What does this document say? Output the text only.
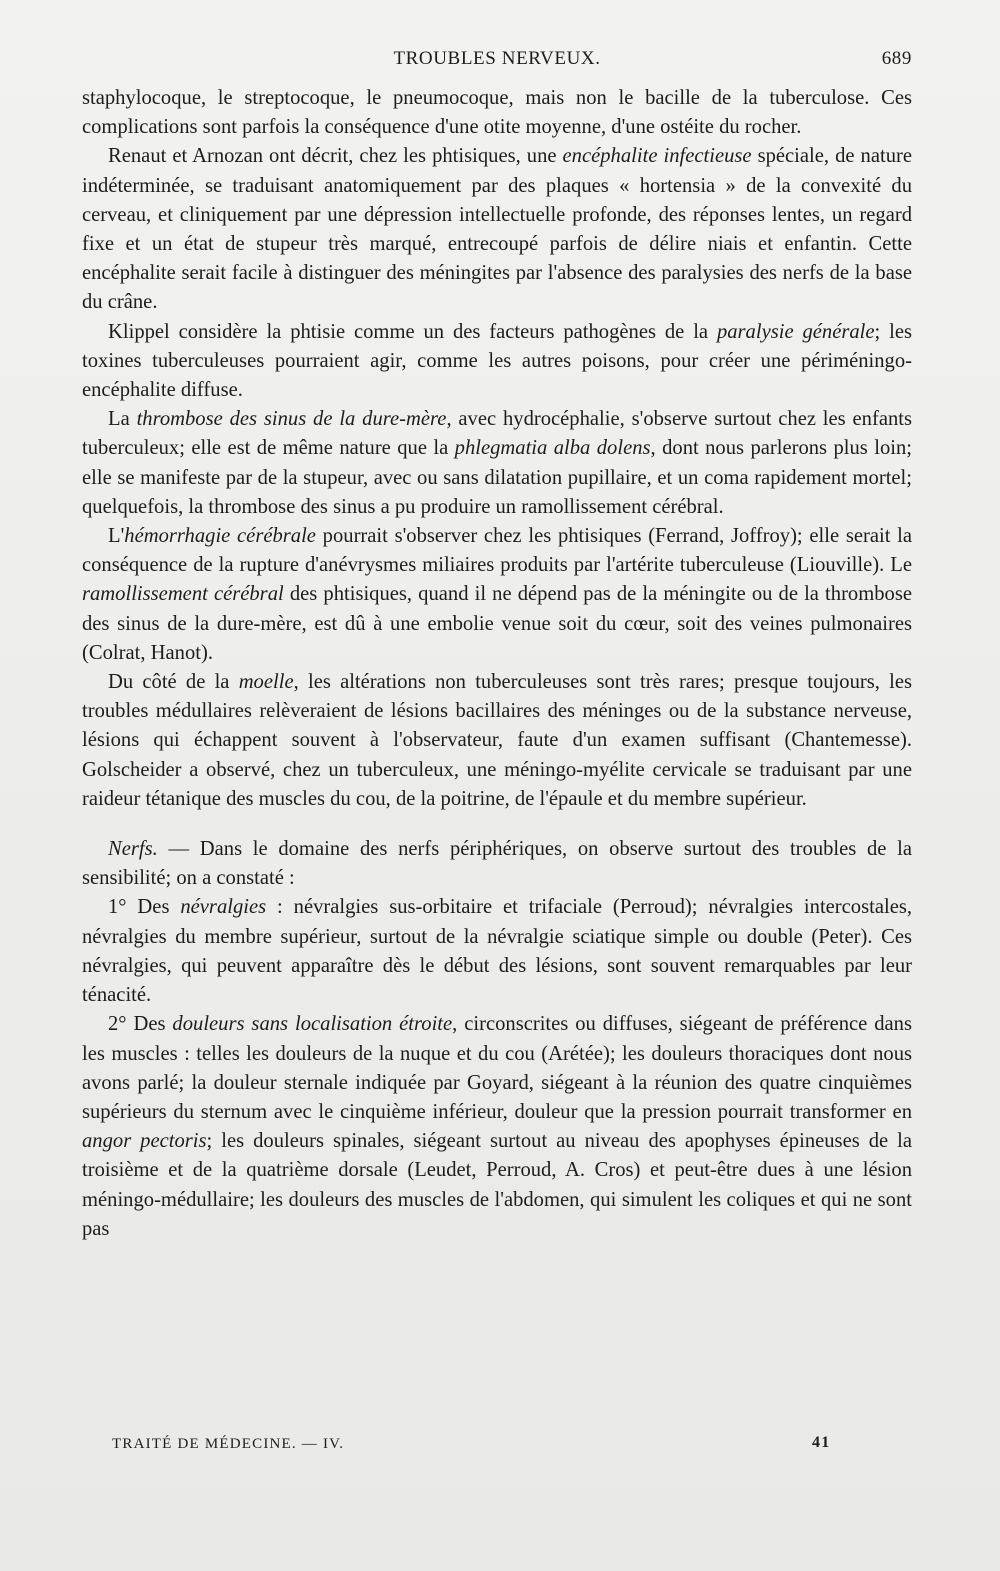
TROUBLES NERVEUX.	689

staphylocoque, le streptocoque, le pneumocoque, mais non le bacille de la tuberculose. Ces complications sont parfois la conséquence d'une otite moyenne, d'une ostéite du rocher.

Renaut et Arnozan ont décrit, chez les phtisiques, une encéphalite infectieuse spéciale, de nature indéterminée, se traduisant anatomiquement par des plaques « hortensia » de la convexité du cerveau, et cliniquement par une dépression intellectuelle profonde, des réponses lentes, un regard fixe et un état de stupeur très marqué, entrecoupé parfois de délire niais et enfantin. Cette encéphalite serait facile à distinguer des méningites par l'absence des paralysies des nerfs de la base du crâne.

Klippel considère la phtisie comme un des facteurs pathogènes de la paralysie générale; les toxines tuberculeuses pourraient agir, comme les autres poisons, pour créer une périméningo-encéphalite diffuse.

La thrombose des sinus de la dure-mère, avec hydrocéphalie, s'observe surtout chez les enfants tuberculeux; elle est de même nature que la phlegmatia alba dolens, dont nous parlerons plus loin; elle se manifeste par de la stupeur, avec ou sans dilatation pupillaire, et un coma rapidement mortel; quelquefois, la thrombose des sinus a pu produire un ramollissement cérébral.

L'hémorrhagie cérébrale pourrait s'observer chez les phtisiques (Ferrand, Joffroy); elle serait la conséquence de la rupture d'anévrysmes miliaires produits par l'artérite tuberculeuse (Liouville). Le ramollissement cérébral des phtisiques, quand il ne dépend pas de la méningite ou de la thrombose des sinus de la dure-mère, est dû à une embolie venue soit du cœur, soit des veines pulmonaires (Colrat, Hanot).

Du côté de la moelle, les altérations non tuberculeuses sont très rares; presque toujours, les troubles médullaires relèveraient de lésions bacillaires des méninges ou de la substance nerveuse, lésions qui échappent souvent à l'observateur, faute d'un examen suffisant (Chantemesse). Golscheider a observé, chez un tuberculeux, une méningo-myélite cervicale se traduisant par une raideur tétanique des muscles du cou, de la poitrine, de l'épaule et du membre supérieur.

Nerfs. — Dans le domaine des nerfs périphériques, on observe surtout des troubles de la sensibilité; on a constaté :

1° Des névralgies : névralgies sus-orbitaire et trifaciale (Perroud); névralgies intercostales, névralgies du membre supérieur, surtout de la névralgie sciatique simple ou double (Peter). Ces névralgies, qui peuvent apparaître dès le début des lésions, sont souvent remarquables par leur ténacité.

2° Des douleurs sans localisation étroite, circonscrites ou diffuses, siégeant de préférence dans les muscles : telles les douleurs de la nuque et du cou (Arétée); les douleurs thoraciques dont nous avons parlé; la douleur sternale indiquée par Goyard, siégeant à la réunion des quatre cinquièmes supérieurs du sternum avec le cinquième inférieur, douleur que la pression pourrait transformer en angor pectoris; les douleurs spinales, siégeant surtout au niveau des apophyses épineuses de la troisième et de la quatrième dorsale (Leudet, Perroud, A. Cros) et peut-être dues à une lésion méningo-médullaire; les douleurs des muscles de l'abdomen, qui simulent les coliques et qui ne sont pas

TRAITÉ DE MÉDECINE. — IV.	41
